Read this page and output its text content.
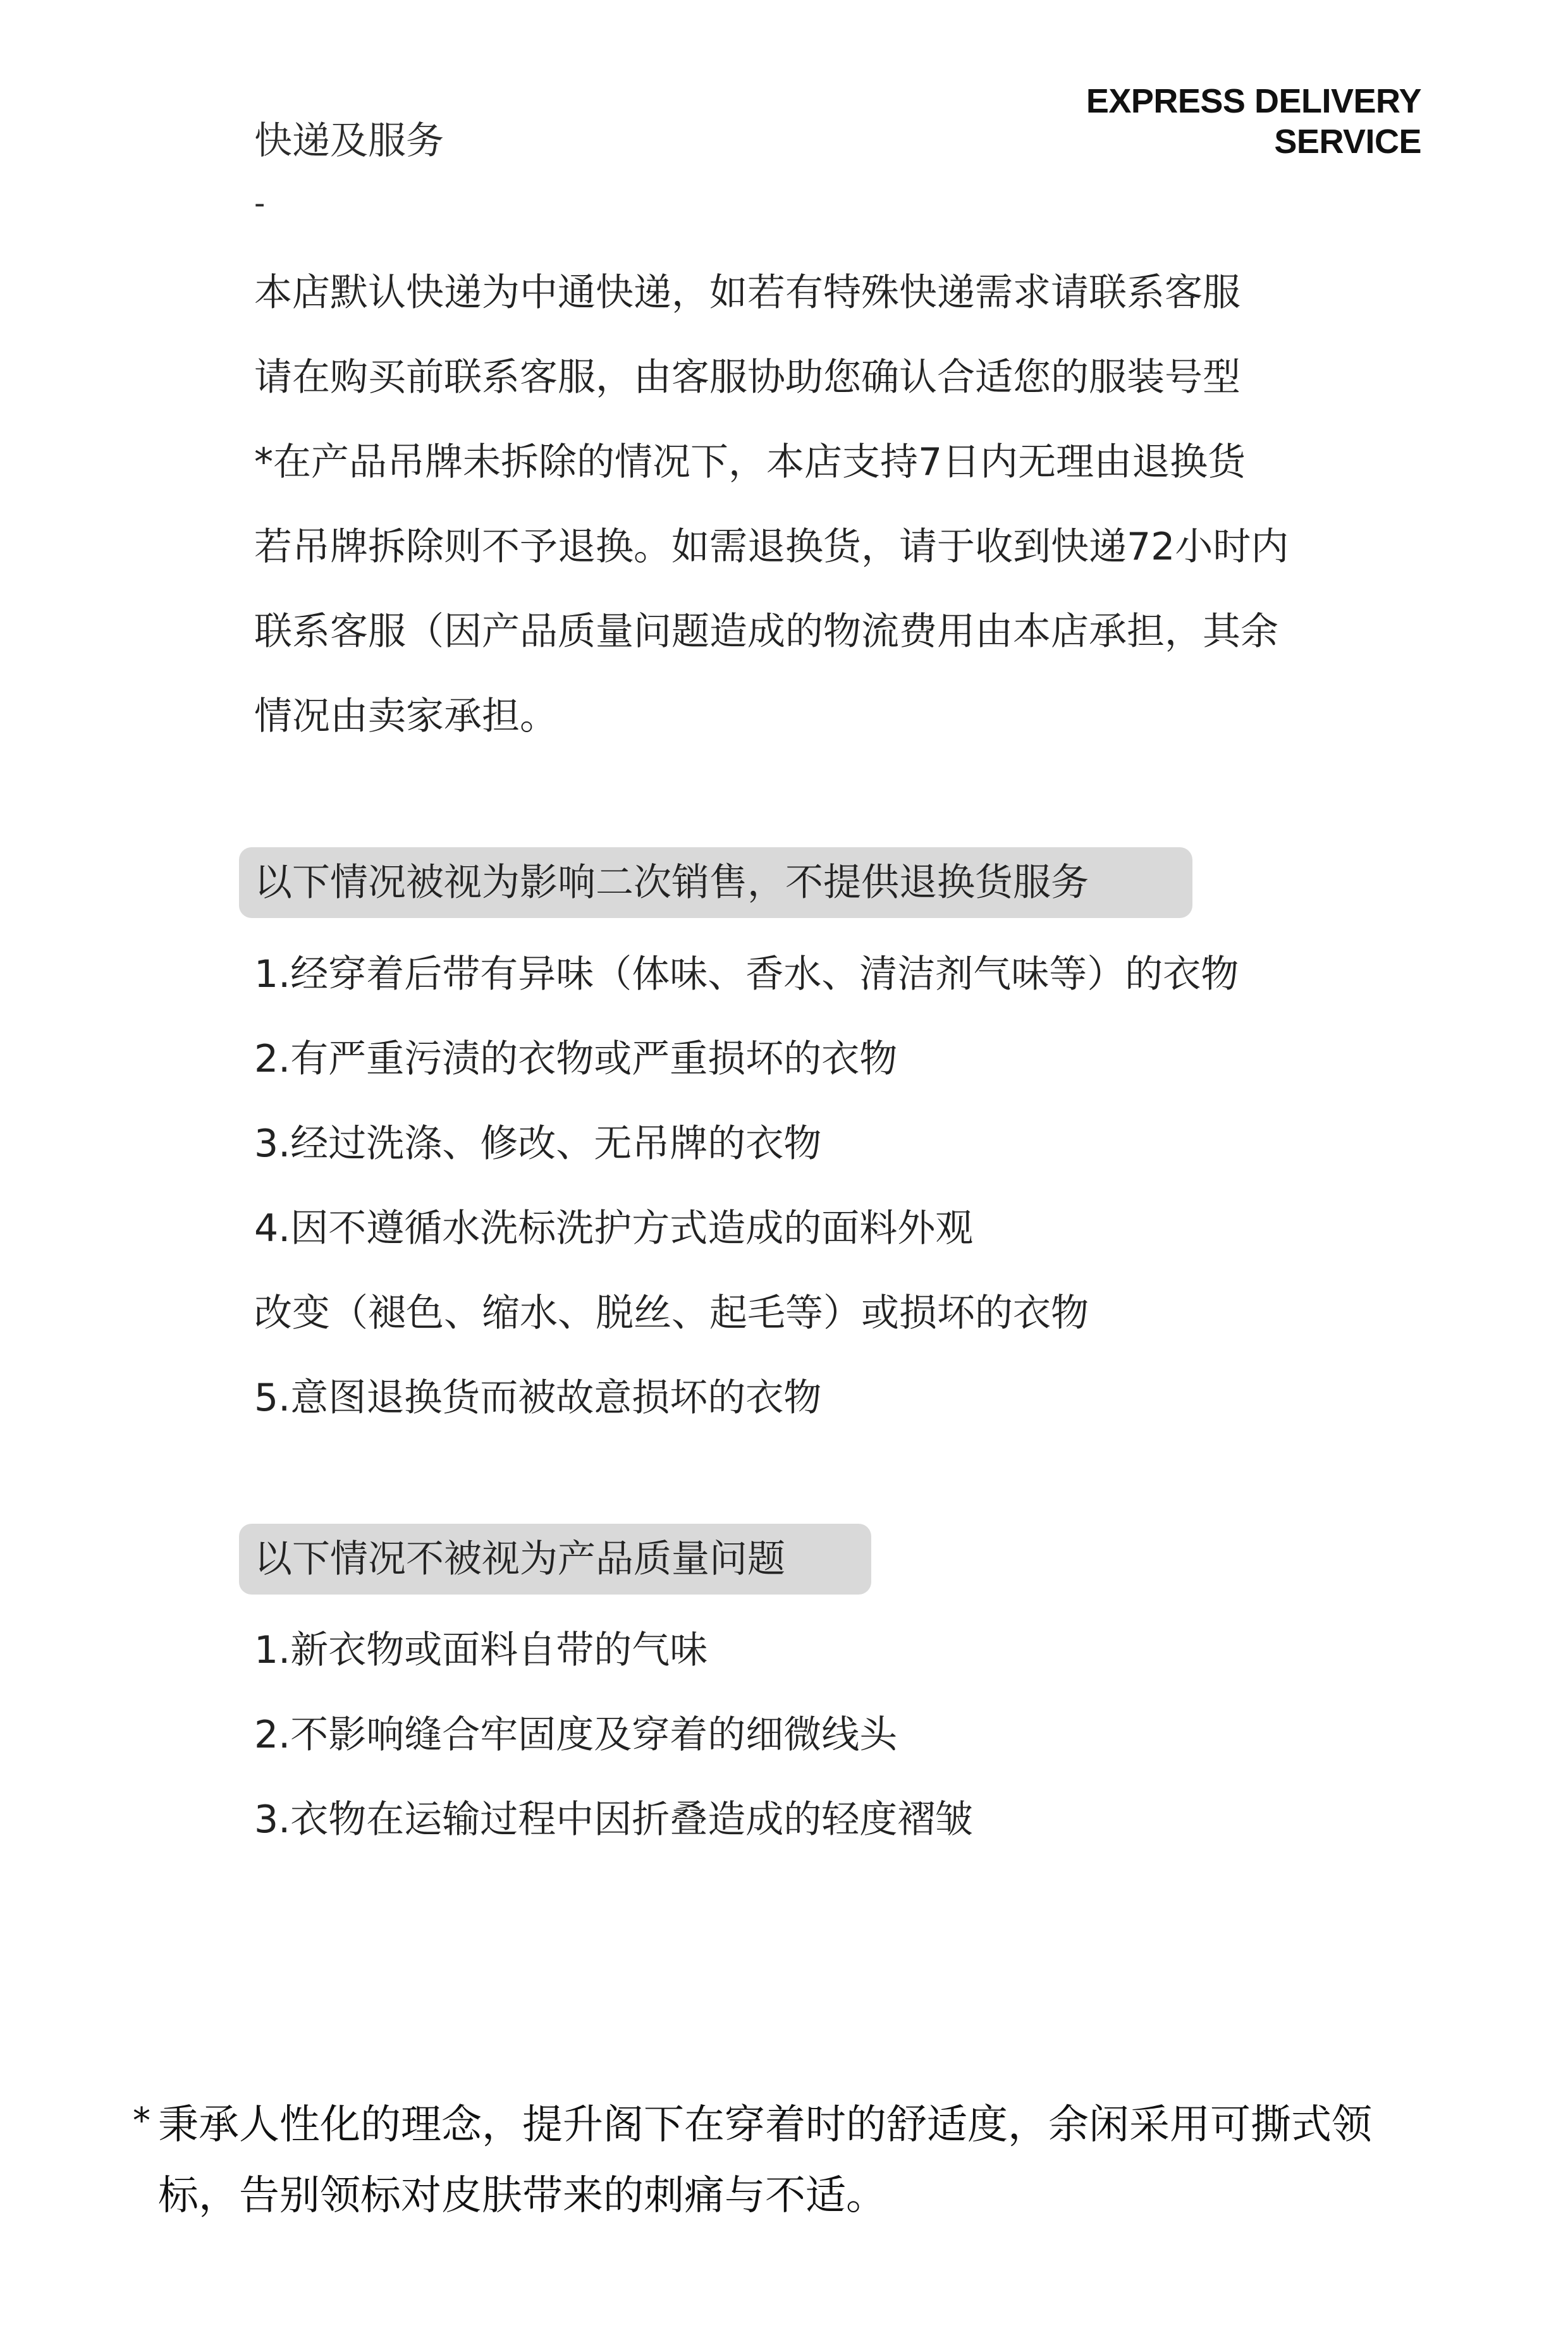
EXPRESS DELIVERY
SERVICE
快递及服务
-
本店默认快递为中通快递，如若有特殊快递需求请联系客服
请在购买前联系客服，由客服协助您确认合适您的服装号型
*在产品吊牌未拆除的情况下，本店支持7日内无理由退换货
若吊牌拆除则不予退换。如需退换货，请于收到快递72小时内
联系客服（因产品质量问题造成的物流费用由本店承担，其余
情况由卖家承担。
以下情况被视为影响二次销售，不提供退换货服务
1.经穿着后带有异味（体味、香水、清洁剂气味等）的衣物
2.有严重污渍的衣物或严重损坏的衣物
3.经过洗涤、修改、无吊牌的衣物
4.因不遵循水洗标洗护方式造成的面料外观
改变（褪色、缩水、脱丝、起毛等）或损坏的衣物
5.意图退换货而被故意损坏的衣物
以下情况不被视为产品质量问题
1.新衣物或面料自带的气味
2.不影响缝合牢固度及穿着的细微线头
3.衣物在运输过程中因折叠造成的轻度褶皱
* 秉承人性化的理念，提升阁下在穿着时的舒适度，余闲采用可撕式领
标，告别领标对皮肤带来的刺痛与不适。
